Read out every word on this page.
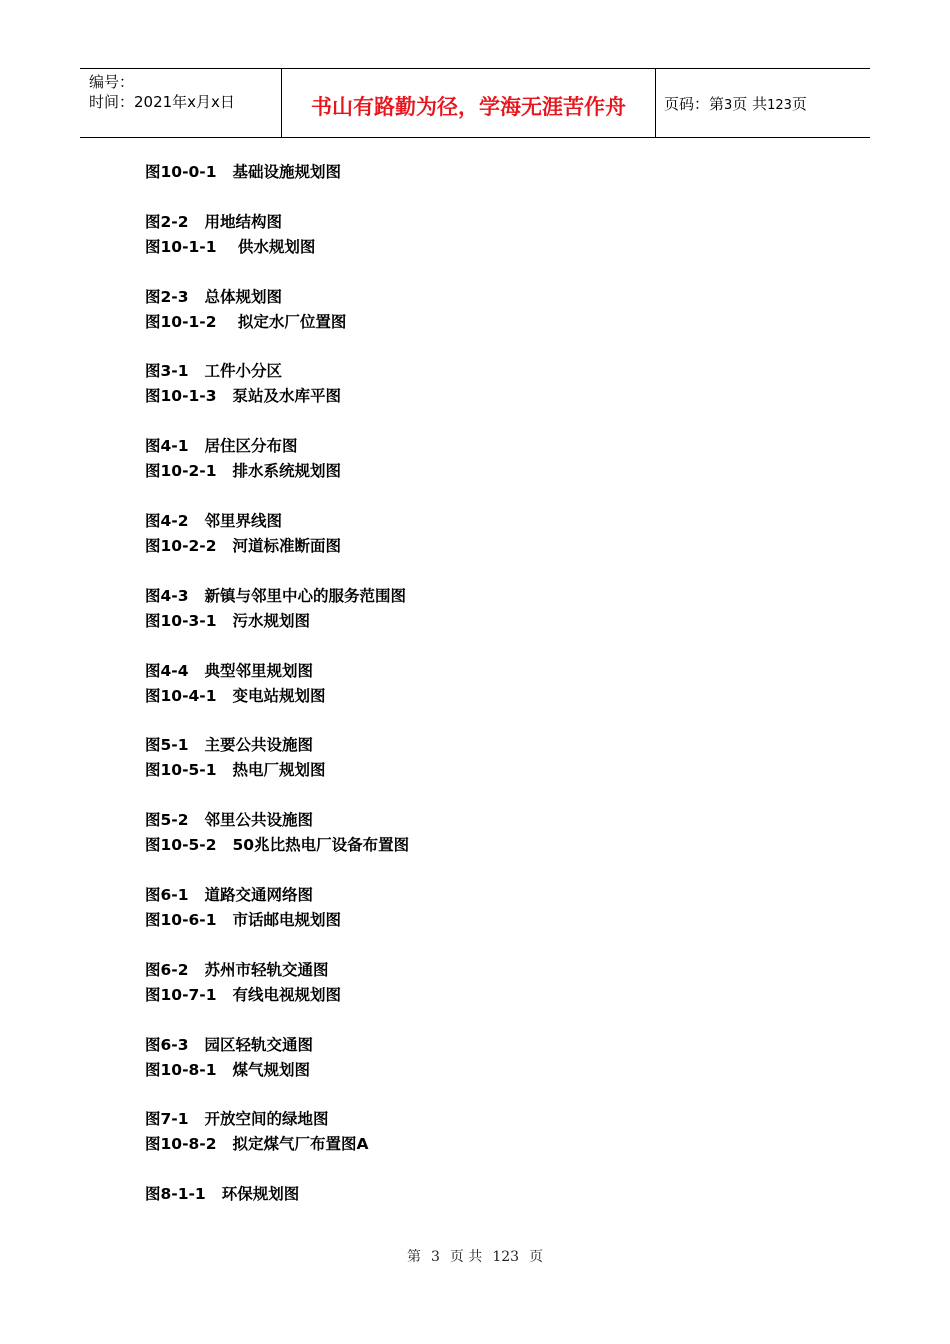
编号：
时间：2021年x月x日	书山有路勤为径，学海无涯苦作舟	页码：第3页 共123页
图10-0-1 基础设施规划图
图2-2 用地结构图
图10-1-1 供水规划图
图2-3 总体规划图
图10-1-2 拟定水厂位置图
图3-1 工件小分区
图10-1-3 泵站及水库平图
图4-1 居住区分布图
图10-2-1 排水系统规划图
图4-2 邻里界线图
图10-2-2 河道标准断面图
图4-3 新镇与邻里中心的服务范围图
图10-3-1 污水规划图
图4-4 典型邻里规划图
图10-4-1 变电站规划图
图5-1 主要公共设施图
图10-5-1 热电厂规划图
图5-2 邻里公共设施图
图10-5-2 50兆比热电厂设备布置图
图6-1 道路交通网络图
图10-6-1 市话邮电规划图
图6-2 苏州市轻轨交通图
图10-7-1 有线电视规划图
图6-3 园区轻轨交通图
图10-8-1 煤气规划图
图7-1 开放空间的绿地图
图10-8-2 拟定煤气厂布置图A
图8-1-1 环保规划图
第 3 页 共 123 页
